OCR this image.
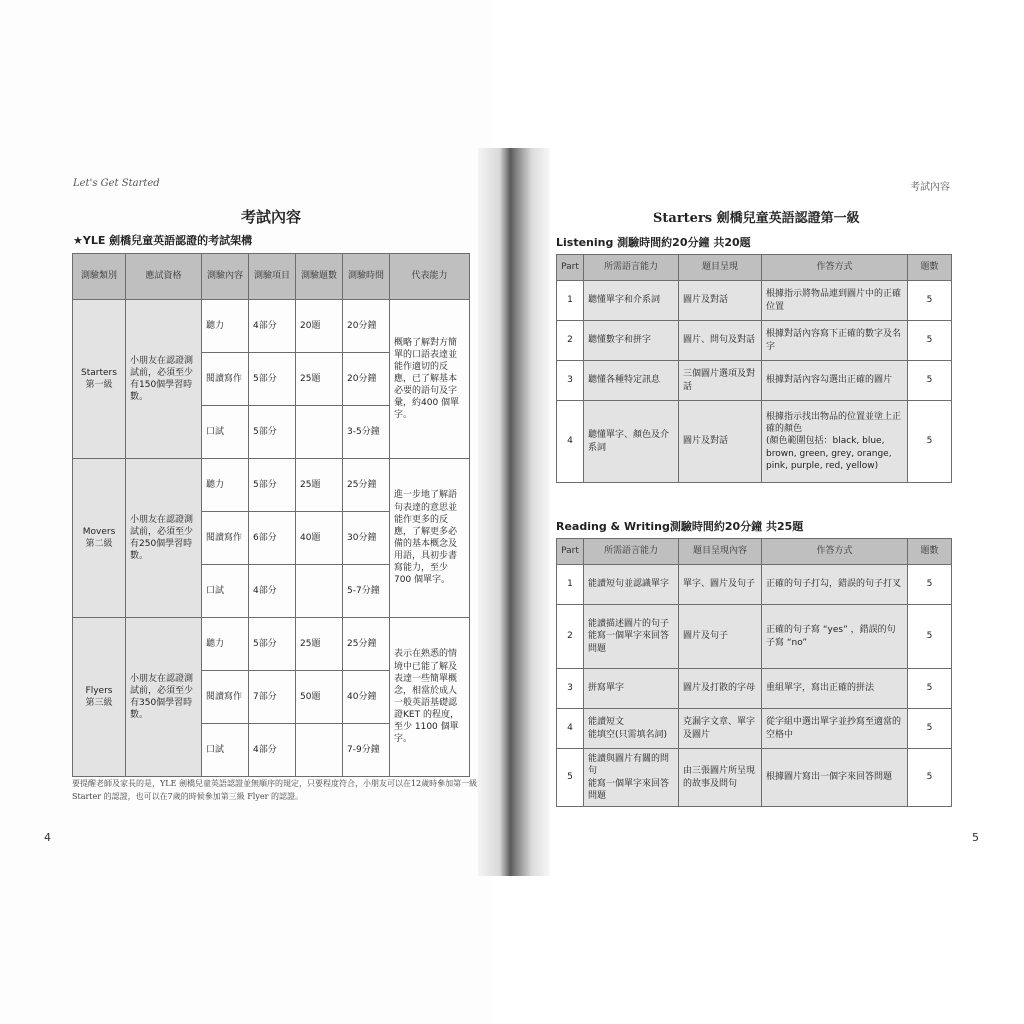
Let's Get Started
考試內容
★YLE 劍橋兒童英語認證的考試架構
測驗類別	應試資格	測驗內容	測驗項目	測驗題數	測驗時間	代表能力
Starters
第一級	小朋友在認證測試前，必須至少有150個學習時數。	聽力	4部分	20題	20分鐘	概略了解對方簡單的口語表達並能作適切的反應，已了解基本必要的語句及字彙，約400 個單字。
		閱讀寫作	5部分	25題	20分鐘	
		口試	5部分		3-5分鐘	
Movers
第二級	小朋友在認證測試前，必須至少有250個學習時數。	聽力	5部分	25題	25分鐘	進一步地了解語句表達的意思並能作更多的反應，了解更多必備的基本概念及用語，具初步書寫能力，至少700 個單字。
		閱讀寫作	6部分	40題	30分鐘	
		口試	4部分		5-7分鐘	
Flyers
第三級	小朋友在認證測試前，必須至少有350個學習時數。	聽力	5部分	25題	25分鐘	表示在熟悉的情境中已能了解及表達一些簡單概念，相當於成人一般英語基礎認證KET 的程度，至少 1100 個單字。
		閱讀寫作	7部分	50題	40分鐘	
		口試	4部分		7-9分鐘	
要提醒老師及家長的是，YLE 劍橋兒童英語認證並無順序的規定，只要程度符合，小朋友可以在12歲時參加第一級Starter 的認證，也可以在7歲的時候參加第三級 Flyer 的認證。
4
考試內容
Starters 劍橋兒童英語認證第一級
Listening 測驗時間約20分鐘 共20題
Part	所需語言能力	題目呈現	作答方式	題數
1	聽懂單字和介系詞	圖片及對話	根據指示將物品連到圖片中的正確位置	5
2	聽懂數字和拼字	圖片、問句及對話	根據對話內容寫下正確的數字及名字	5
3	聽懂各種特定訊息	三個圖片選項及對話	根據對話內容勾選出正確的圖片	5
4	聽懂單字、顏色及介系詞	圖片及對話	根據指示找出物品的位置並塗上正確的顏色
(顏色範圍包括：black, blue, brown, green, grey, orange, pink, purple, red, yellow)	5
Reading & Writing測驗時間約20分鐘 共25題
Part	所需語言能力	題目呈現內容	作答方式	題數
1	能讀短句並認識單字	單字、圖片及句子	正確的句子打勾，錯誤的句子打叉	5
2	能讀描述圖片的句子
能寫一個單字來回答問題	圖片及句子	正確的句子寫 “yes” ，錯誤的句子寫 “no”	5
3	拼寫單字	圖片及打散的字母	重組單字，寫出正確的拼法	5
4	能讀短文
能填空(只需填名詞)	克漏字文章、單字及圖片	從字組中選出單字並抄寫至適當的空格中	5
5	能讀與圖片有關的問句
能寫一個單字來回答問題	由三張圖片所呈現的故事及問句	根據圖片寫出一個字來回答問題	5
5
